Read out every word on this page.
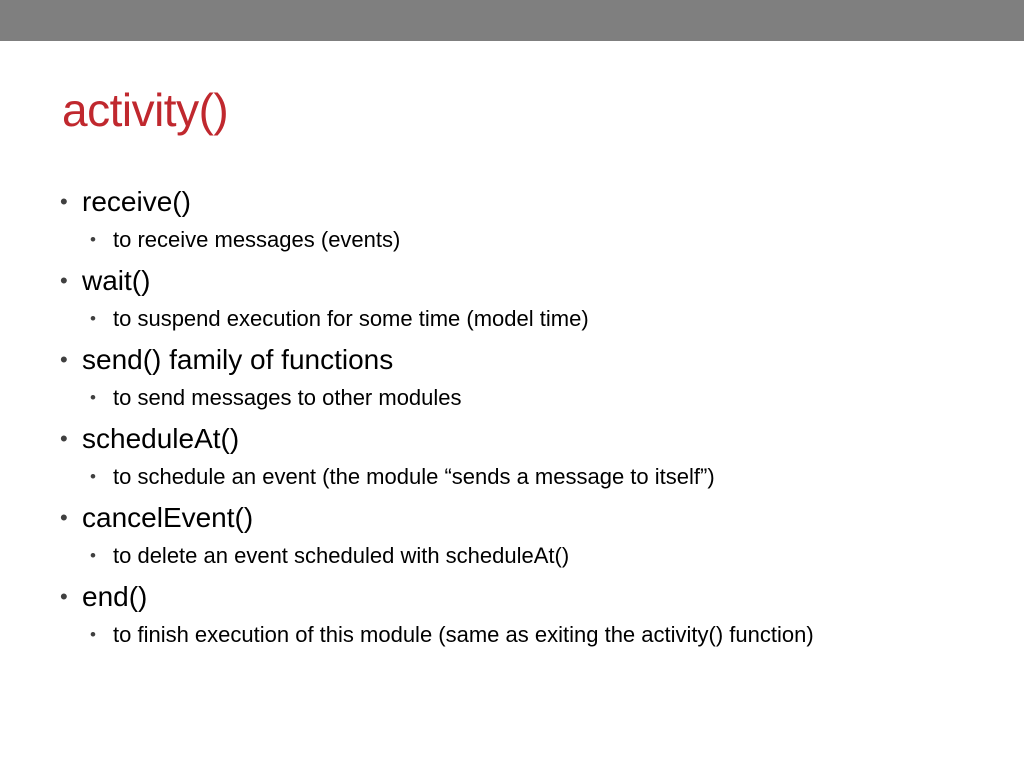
activity()
• receive()
• to receive messages (events)
• wait()
• to suspend execution for some time (model time)
• send() family of functions
• to send messages to other modules
• scheduleAt()
• to schedule an event (the module “sends a message to itself”)
• cancelEvent()
• to delete an event scheduled with scheduleAt()
• end()
• to finish execution of this module (same as exiting the activity() function)
